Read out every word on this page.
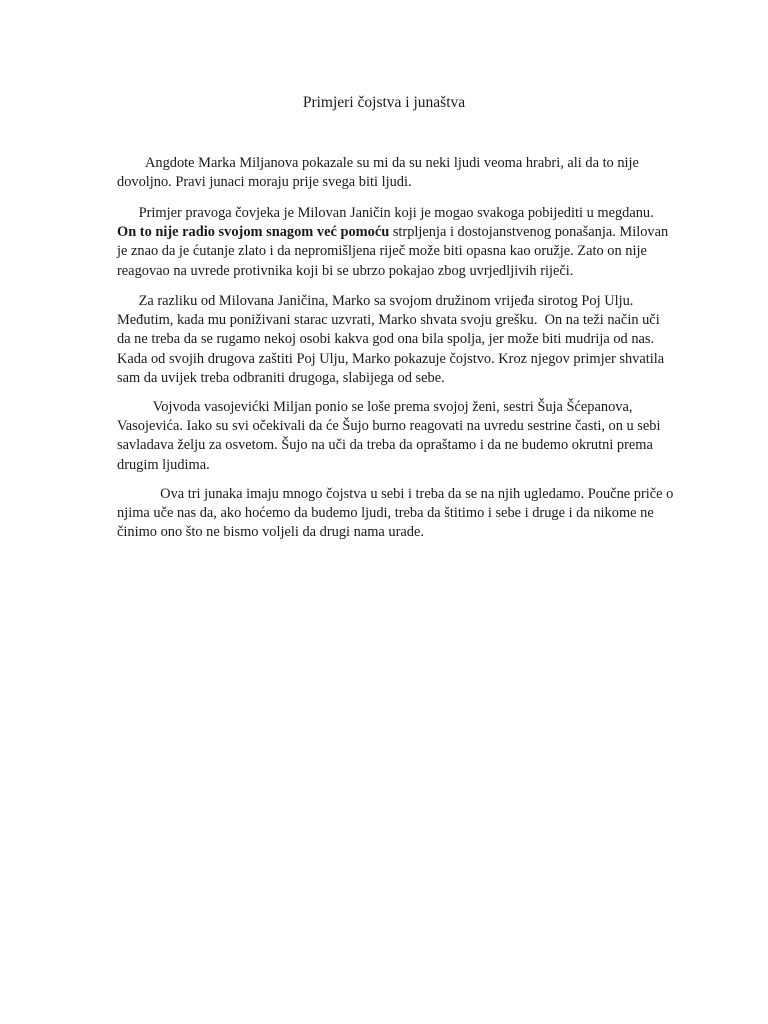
Primjeri čojstva i junaštva
Angdote Marka Miljanova pokazale su mi da su neki ljudi veoma hrabri, ali da to nije
dovoljno. Pravi junaci moraju prije svega biti ljudi.
Primjer pravoga čovjeka je Milovan Janičin koji je mogao svakoga pobijediti u megdanu.
On to nije radio svojom snagom već pomoću strpljenja i dostojanstvenog ponašanja. Milovan
je znao da je ćutanje zlato i da nepromišljena riječ može biti opasna kao oružje. Zato on nije
reagovao na uvrede protivnika koji bi se ubrzo pokajao zbog uvrjedljivih riječi.
Za razliku od Milovana Janičina, Marko sa svojom družinom vrijeđa sirotog Poj Ulju.
Međutim, kada mu poniživani starac uzvrati, Marko shvata svoju grešku.  On na teži način uči
da ne treba da se rugamo nekoj osobi kakva god ona bila spolja, jer može biti mudrija od nas.
Kada od svojih drugova zaštiti Poj Ulju, Marko pokazuje čojstvo. Kroz njegov primjer shvatila
sam da uvijek treba odbraniti drugoga, slabijega od sebe.
Vojvoda vasojevićki Miljan ponio se loše prema svojoj ženi, sestri Šuja Šćepanova,
Vasojevića. Iako su svi očekivali da će Šujo burno reagovati na uvredu sestrine časti, on u sebi
savladava želju za osvetom. Šujo na uči da treba da opraštamo i da ne budemo okrutni prema
drugim ljudima.
Ova tri junaka imaju mnogo čojstva u sebi i treba da se na njih ugledamo. Poučne priče o
njima uče nas da, ako hoćemo da budemo ljudi, treba da štitimo i sebe i druge i da nikome ne
činimo ono što ne bismo voljeli da drugi nama urade.
